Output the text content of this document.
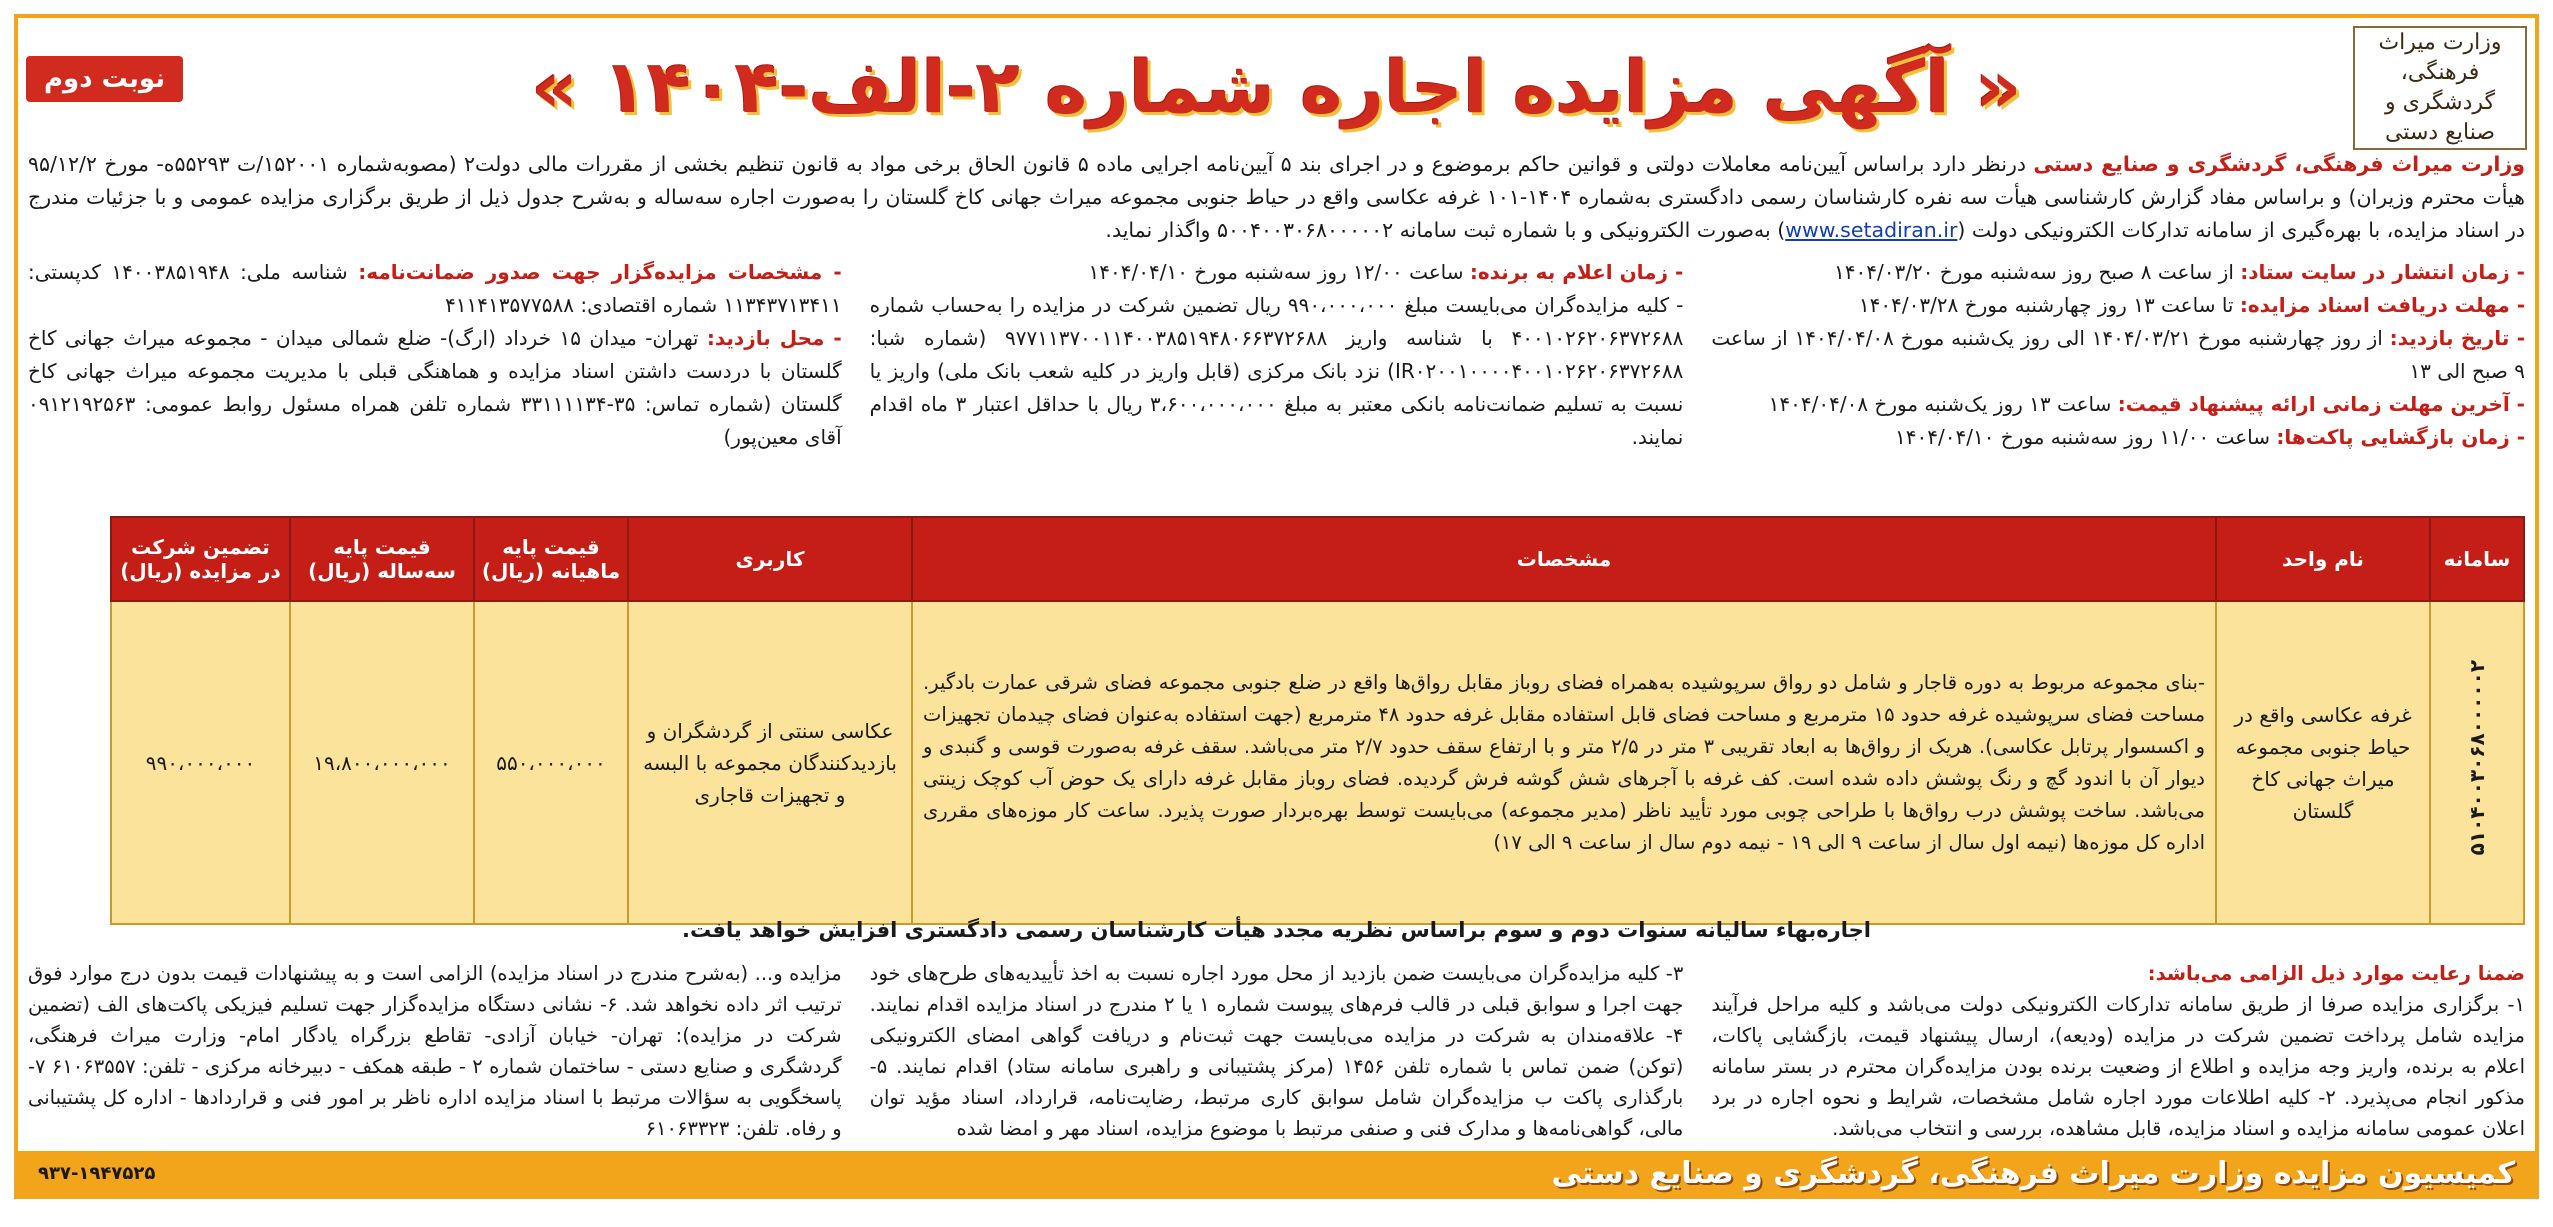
وزارت میراث فرهنگی، گردشگری و صنایع دستی
« آگهی مزایده اجاره شماره ۲-الف-۱۴۰۴ »
نوبت دوم
وزارت میراث فرهنگی، گردشگری و صنایع دستی درنظر دارد براساس آیین‌نامه معاملات دولتی و قوانین حاکم برموضوع و در اجرای بند ۵ آیین‌نامه اجرایی ماده ۵ قانون الحاق برخی مواد به قانون تنظیم بخشی از مقررات مالی دولت۲ (مصوبه‌شماره ۱۵۲۰۰۱/ت ۵۵۲۹۳ه- مورخ ۹۵/۱۲/۲ هیأت محترم وزیران) و براساس مفاد گزارش کارشناسی هیأت سه نفره کارشناسان رسمی دادگستری به‌شماره ۱۴۰۴-۱۰۱ غرفه عکاسی واقع در حیاط جنوبی مجموعه میراث جهانی کاخ گلستان را به‌صورت اجاره سه‌ساله و به‌شرح جدول ذیل از طریق برگزاری مزایده عمومی و با جزئیات مندرج در اسناد مزایده، با بهره‌گیری از سامانه تدارکات الکترونیکی دولت (www.setadiran.ir) به‌صورت الکترونیکی و با شماره ثبت سامانه ۵۰۰۴۰۰۳۰۶۸۰۰۰۰۰۲ واگذار نماید.

- زمان انتشار در سایت ستاد: از ساعت ۸ صبح روز سه‌شنبه مورخ ۱۴۰۴/۰۳/۲۰

- مهلت دریافت اسناد مزایده: تا ساعت ۱۳ روز چهارشنبه مورخ ۱۴۰۴/۰۳/۲۸

- تاریخ بازدید: از روز چهارشنبه مورخ ۱۴۰۴/۰۳/۲۱ الی روز یک‌شنبه مورخ ۱۴۰۴/۰۴/۰۸ از ساعت ۹ صبح الی ۱۳

- آخرین مهلت زمانی ارائه پیشنهاد قیمت: ساعت ۱۳ روز یک‌شنبه مورخ ۱۴۰۴/۰۴/۰۸

- زمان بازگشایی پاکت‌ها: ساعت ۱۱/۰۰ روز سه‌شنبه مورخ ۱۴۰۴/۰۴/۱۰

- زمان اعلام به برنده: ساعت ۱۲/۰۰ روز سه‌شنبه مورخ ۱۴۰۴/۰۴/۱۰

- کلیه مزایده‌گران می‌بایست مبلغ ۹۹۰،۰۰۰،۰۰۰ ریال تضمین شرکت در مزایده را به‌حساب شماره ۴۰۰۱۰۲۶۲۰۶۳۷۲۶۸۸ با شناسه واریز ۹۷۷۱۱۳۷۰۰۱۱۴۰۰۳۸۵۱۹۴۸۰۶۶۳۷۲۶۸۸ (شماره شبا: IR۰۲۰۰۱۰۰۰۰۴۰۰۱۰۲۶۲۰۶۳۷۲۶۸۸) نزد بانک مرکزی (قابل واریز در کلیه شعب بانک ملی) واریز یا نسبت به تسلیم ضمانت‌نامه بانکی معتبر به مبلغ ۳،۶۰۰،۰۰۰،۰۰۰ ریال با حداقل اعتبار ۳ ماه اقدام نمایند.

- مشخصات مزایده‌گزار جهت صدور ضمانت‌نامه: شناسه ملی: ۱۴۰۰۳۸۵۱۹۴۸ کدپستی: ۱۱۳۴۳۷۱۳۴۱۱ شماره اقتصادی: ۴۱۱۴۱۳۵۷۷۵۸۸

- محل بازدید: تهران- میدان ۱۵ خرداد (ارگ)- ضلع شمالی میدان - مجموعه میراث جهانی کاخ گلستان با دردست داشتن اسناد مزایده و هماهنگی قبلی با مدیریت مجموعه میراث جهانی کاخ گلستان (شماره تماس: ۳۵-۳۳۱۱۱۱۳۴ شماره تلفن همراه مسئول روابط عمومی: ۰۹۱۲۱۹۲۵۶۳ آقای معین‌پور)

سامانه	نام واحد	مشخصات	کاربری	قیمت پایه ماهیانه (ریال)	قیمت پایه سه‌ساله (ریال)	تضمین شرکت در مزایده (ریال)
۵۱۰۴۰۰۳۰۶۸۰۰۰۰۰۲	غرفه عکاسی واقع در حیاط جنوبی مجموعه میراث جهانی کاخ گلستان	-بنای مجموعه مربوط به دوره قاجار و شامل دو رواق سرپوشیده به‌همراه فضای روباز مقابل رواق‌ها واقع در ضلع جنوبی مجموعه فضای شرقی عمارت بادگیر. مساحت فضای سرپوشیده غرفه حدود ۱۵ مترمربع و مساحت فضای قابل استفاده مقابل غرفه حدود ۴۸ مترمربع (جهت استفاده به‌عنوان فضای چیدمان تجهیزات و اکسسوار پرتابل عکاسی). هریک از رواق‌ها به ابعاد تقریبی ۳ متر در ۲/۵ متر و با ارتفاع سقف حدود ۲/۷ متر می‌باشد. سقف غرفه به‌صورت قوسی و گنبدی و دیوار آن با اندود گچ و رنگ پوشش داده شده است. کف غرفه با آجرهای شش گوشه فرش گردیده. فضای روباز مقابل غرفه دارای یک حوض آب کوچک زینتی می‌باشد. ساخت پوشش درب رواق‌ها با طراحی چوبی مورد تأیید ناظر (مدیر مجموعه) می‌بایست توسط بهره‌بردار صورت پذیرد. ساعت کار موزه‌های مقرری اداره کل موزه‌ها (نیمه اول سال از ساعت ۹ الی ۱۹ - نیمه دوم سال از ساعت ۹ الی ۱۷)	عکاسی سنتی از گردشگران و بازدیدکنندگان مجموعه با البسه و تجهیزات قاجاری	۵۵۰،۰۰۰،۰۰۰	۱۹،۸۰۰،۰۰۰،۰۰۰	۹۹۰،۰۰۰،۰۰۰
اجاره‌بهاء سالیانه سنوات دوم و سوم براساس نظریه مجدد هیأت کارشناسان رسمی دادگستری افزایش خواهد یافت.

ضمنا رعایت موارد ذیل الزامی می‌باشد:

۱- برگزاری مزایده صرفا از طریق سامانه تدارکات الکترونیکی دولت می‌باشد و کلیه مراحل فرآیند مزایده شامل پرداخت تضمین شرکت در مزایده (ودیعه)، ارسال پیشنهاد قیمت، بازگشایی پاکات، اعلام به برنده، واریز وجه مزایده و اطلاع از وضعیت برنده بودن مزایده‌گران محترم در بستر سامانه مذکور انجام می‌پذیرد. ۲- کلیه اطلاعات مورد اجاره شامل مشخصات، شرایط و نحوه اجاره در برد اعلان عمومی سامانه مزایده و اسناد مزایده، قابل مشاهده، بررسی و انتخاب می‌باشد.

۳- کلیه مزایده‌گران می‌بایست ضمن بازدید از محل مورد اجاره نسبت به اخذ تأییدیه‌های طرح‌های خود جهت اجرا و سوابق قبلی در قالب فرم‌های پیوست شماره ۱ یا ۲ مندرج در اسناد مزایده اقدام نمایند. ۴- علاقه‌مندان به شرکت در مزایده می‌بایست جهت ثبت‌نام و دریافت گواهی امضای الکترونیکی (توکن) ضمن تماس با شماره تلفن ۱۴۵۶ (مرکز پشتیبانی و راهبری سامانه ستاد) اقدام نمایند. ۵- بارگذاری پاکت ب مزایده‌گران شامل سوابق کاری مرتبط، رضایت‌نامه، قرارداد، اسناد مؤید توان مالی، گواهی‌نامه‌ها و مدارک فنی و صنفی مرتبط با موضوع مزایده، اسناد مهر و امضا شده

مزایده و... (به‌شرح مندرج در اسناد مزایده) الزامی است و به پیشنهادات قیمت بدون درج موارد فوق ترتیب اثر داده نخواهد شد. ۶- نشانی دستگاه مزایده‌گزار جهت تسلیم فیزیکی پاکت‌های الف (تضمین شرکت در مزایده): تهران- خیابان آزادی- تقاطع بزرگراه یادگار امام- وزارت میراث فرهنگی، گردشگری و صنایع دستی - ساختمان شماره ۲ - طبقه همکف - دبیرخانه مرکزی - تلفن: ۶۱۰۶۳۵۵۷ ۷- پاسخگویی به سؤالات مرتبط با اسناد مزایده اداره ناظر بر امور فنی و قراردادها - اداره کل پشتیبانی و رفاه. تلفن: ۶۱۰۶۳۳۲۳

کمیسیون مزایده وزارت میراث فرهنگی، گردشگری و صنایع دستی
۹۳۷-۱۹۴۷۵۲۵
